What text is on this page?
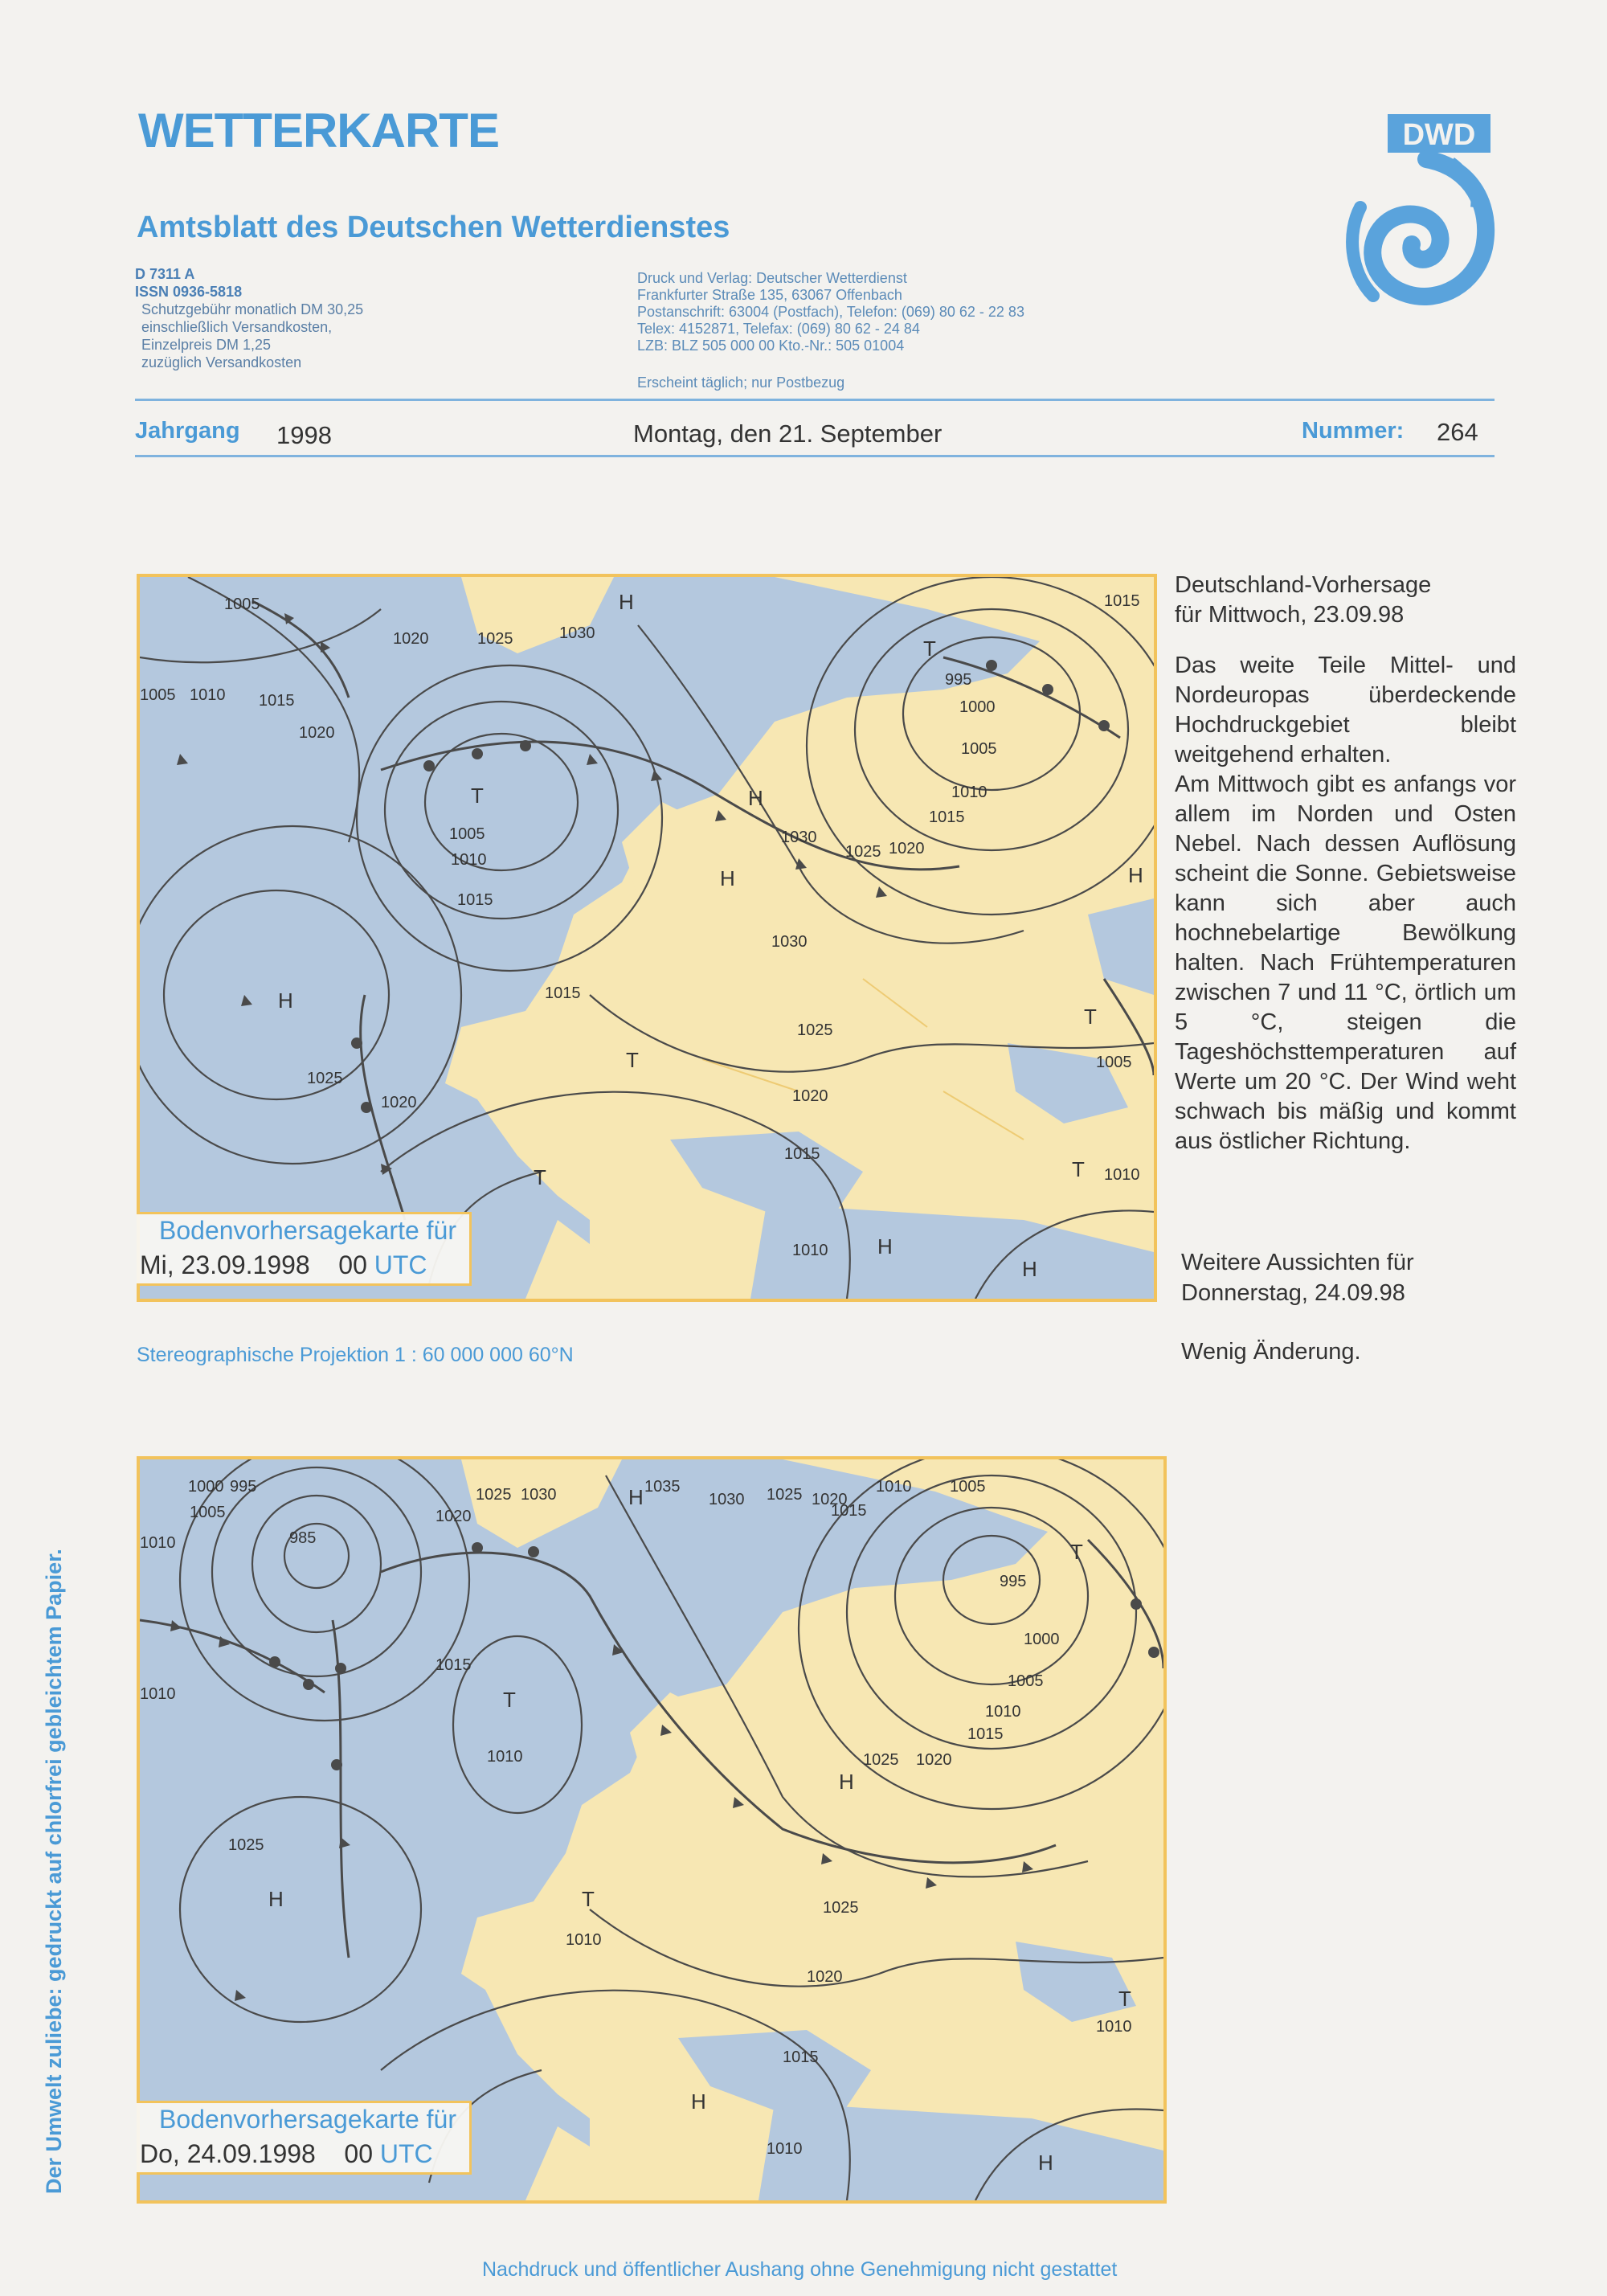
WETTERKARTE
Amtsblatt des Deutschen Wetterdienstes
DWD
D 7311 A
ISSN 0936-5818
Schutzgebühr monatlich DM 30,25
einschließlich Versandkosten,
Einzelpreis DM 1,25
zuzüglich Versandkosten
Druck und Verlag: Deutscher Wetterdienst
Frankfurter Straße 135, 63067 Offenbach
Postanschrift: 63004 (Postfach), Telefon: (069) 80 62 - 22 83
Telex: 4152871, Telefax: (069) 80 62 - 24 84
LZB: BLZ 505 000 00 Kto.-Nr.: 505 01004
Erscheint täglich; nur Postbezug
Jahrgang 1998	Montag, den 21. September	Nummer: 264
1005	H
1020	1025	1030
1015
1005 1010 1015
1020
T
995
1000
1005
T
1005
1010
1015
H	1010
1015
1030
1025 1020
H	H
1030
H	1015
1025
T
T
1005
1025
1020	1020
1015
T	T 1010
1010 H
H
Bodenvorhersagekarte für
Mi, 23.09.1998 00 UTC
Stereographische Projektion 1 : 60 000 000 60°N
Deutschland-Vorhersage
für Mittwoch, 23.09.98

Das weite Teile Mittel- und Nordeuropas überdeckende Hochdruckgebiet bleibt weitgehend erhalten.

Am Mittwoch gibt es anfangs vor allem im Norden und Osten Nebel. Nach dessen Auflösung scheint die Sonne. Gebietsweise kann sich aber auch hochnebelartige Bewölkung halten. Nach Frühtemperaturen zwischen 7 und 11 °C, örtlich um 5 °C, steigen die Tageshöchsttemperaturen auf Werte um 20 °C. Der Wind weht schwach bis mäßig und kommt aus östlicher Richtung.

Weitere Aussichten für
Donnerstag, 24.09.98
Wenig Änderung.
1000 995
1005
1010	985
1020
1025 1030	H 1035
1030 1025 1020
1010
1015
1005
T
995
1000
1005
1010
1015
1010
1015
T
1010	1025 1020
H
1025
H	T
1010
1025
1020
1015
T
1010
H
1010
H
Bodenvorhersagekarte für
Do, 24.09.1998 00 UTC
Der Umwelt zuliebe: gedruckt auf chlorfrei gebleichtem Papier.
Nachdruck und öffentlicher Aushang ohne Genehmigung nicht gestattet
